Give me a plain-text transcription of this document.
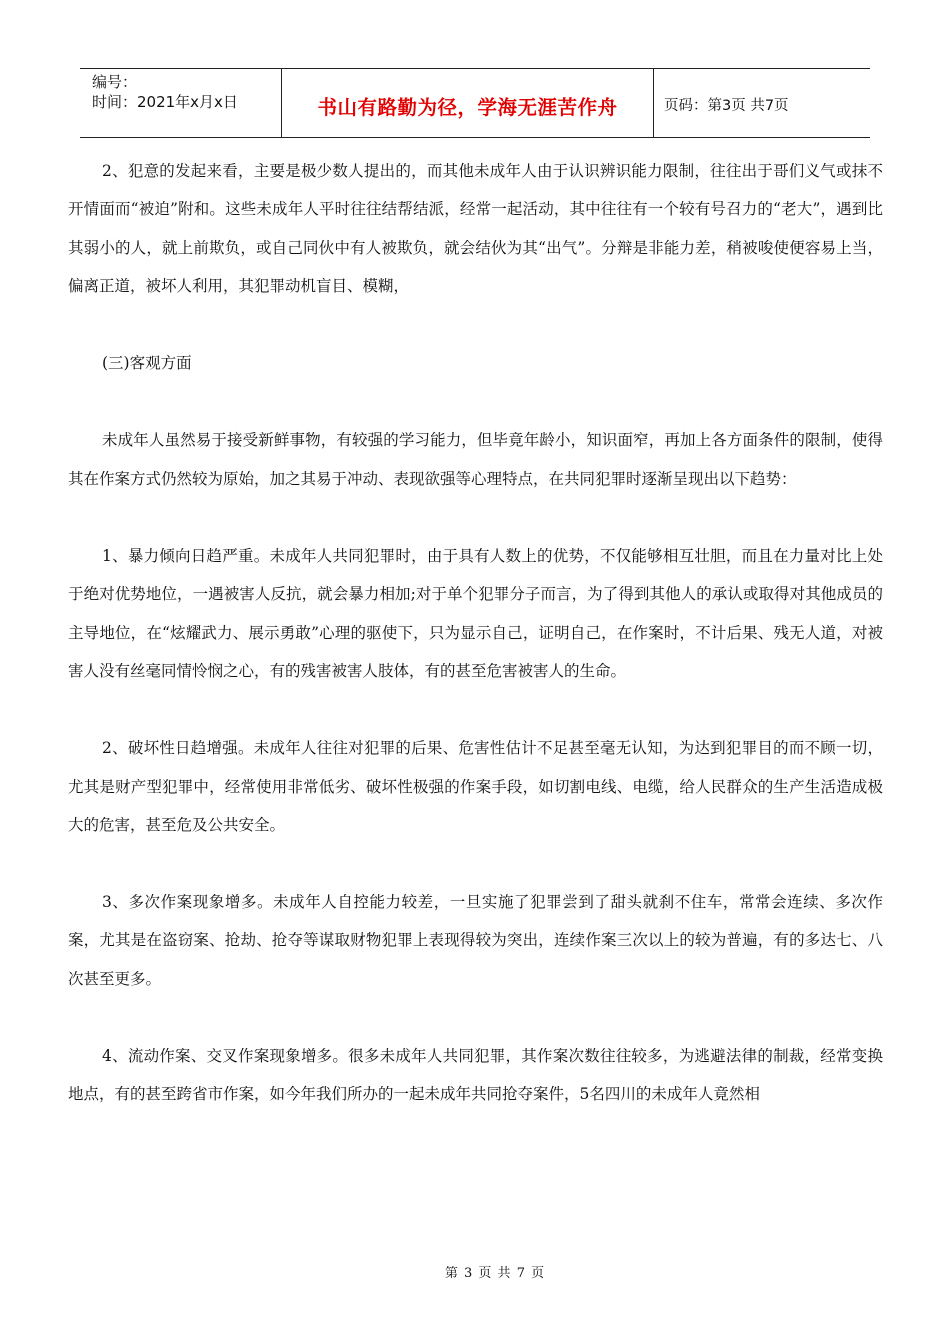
编号：
时间：2021年x月x日	书山有路勤为径，学海无涯苦作舟	页码：第3页 共7页

2、犯意的发起来看，主要是极少数人提出的，而其他未成年人由于认识辨识能力限制，往往出于哥们义气或抹不开情面而“被迫”附和。这些未成年人平时往往结帮结派，经常一起活动，其中往往有一个较有号召力的“老大”，遇到比其弱小的人，就上前欺负，或自己同伙中有人被欺负，就会结伙为其“出气”。分辩是非能力差，稍被唆使便容易上当，偏离正道，被坏人利用，其犯罪动机盲目、模糊，

(三)客观方面

未成年人虽然易于接受新鲜事物，有较强的学习能力，但毕竟年龄小，知识面窄，再加上各方面条件的限制，使得其在作案方式仍然较为原始，加之其易于冲动、表现欲强等心理特点，在共同犯罪时逐渐呈现出以下趋势：

1、暴力倾向日趋严重。未成年人共同犯罪时，由于具有人数上的优势，不仅能够相互壮胆，而且在力量对比上处于绝对优势地位，一遇被害人反抗，就会暴力相加;对于单个犯罪分子而言，为了得到其他人的承认或取得对其他成员的主导地位，在“炫耀武力、展示勇敢”心理的驱使下，只为显示自己，证明自己，在作案时，不计后果、残无人道，对被害人没有丝毫同情怜悯之心，有的残害被害人肢体，有的甚至危害被害人的生命。

2、破坏性日趋增强。未成年人往往对犯罪的后果、危害性估计不足甚至毫无认知，为达到犯罪目的而不顾一切，尤其是财产型犯罪中，经常使用非常低劣、破坏性极强的作案手段，如切割电线、电缆，给人民群众的生产生活造成极大的危害，甚至危及公共安全。

3、多次作案现象增多。未成年人自控能力较差，一旦实施了犯罪尝到了甜头就刹不住车，常常会连续、多次作案，尤其是在盗窃案、抢劫、抢夺等谋取财物犯罪上表现得较为突出，连续作案三次以上的较为普遍，有的多达七、八次甚至更多。

4、流动作案、交叉作案现象增多。很多未成年人共同犯罪，其作案次数往往较多，为逃避法律的制裁，经常变换地点，有的甚至跨省市作案，如今年我们所办的一起未成年共同抢夺案件，5名四川的未成年人竟然相

第 3 页 共 7 页
